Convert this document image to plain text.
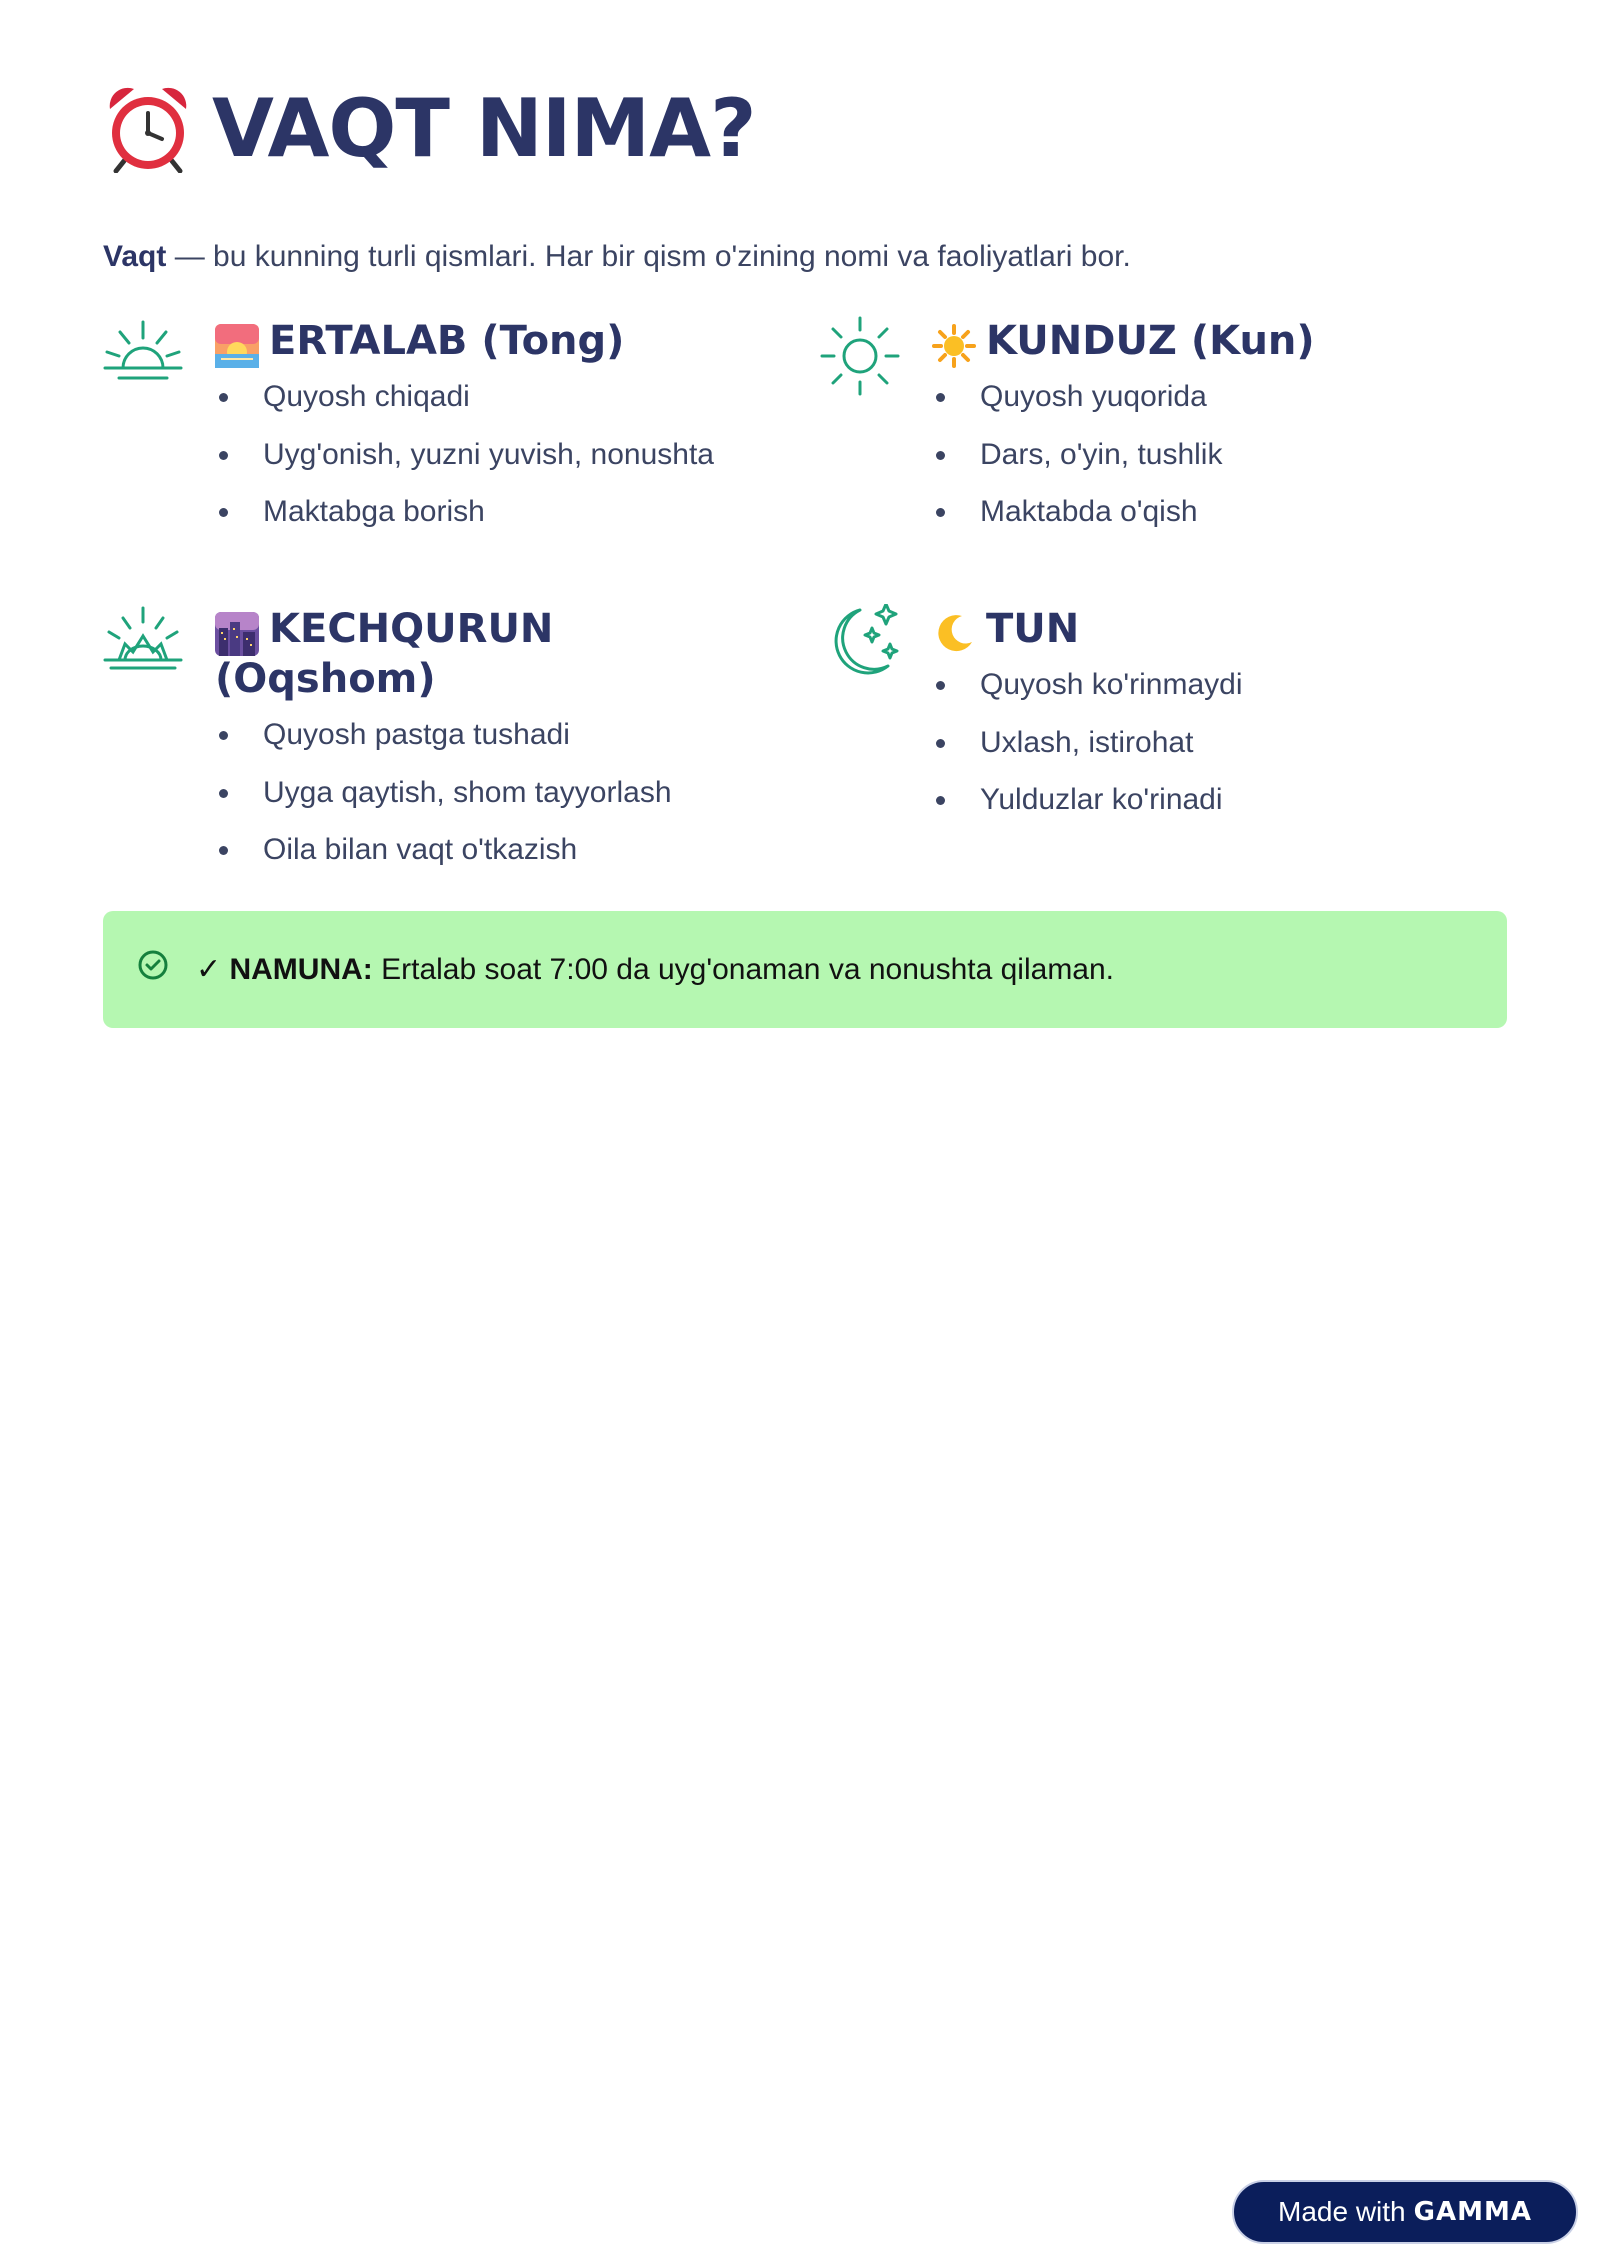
VAQT NIMA?

Vaqt — bu kunning turli qismlari. Har bir qism o'zining nomi va faoliyatlari bor.

ERTALAB (Tong)
Quyosh chiqadi
Uyg'onish, yuzni yuvish, nonushta
Maktabga borish
KUNDUZ (Kun)
Quyosh yuqorida
Dars, o'yin, tushlik
Maktabda o'qish
KECHQURUN
(Oqshom)
Quyosh pastga tushadi
Uyga qaytish, shom tayyorlash
Oila bilan vaqt o'tkazish
TUN
Quyosh ko'rinmaydi
Uxlash, istirohat
Yulduzlar ko'rinadi

✓ NAMUNA: Ertalab soat 7:00 da uyg'onaman va nonushta qilaman.

Made with GAMMA
